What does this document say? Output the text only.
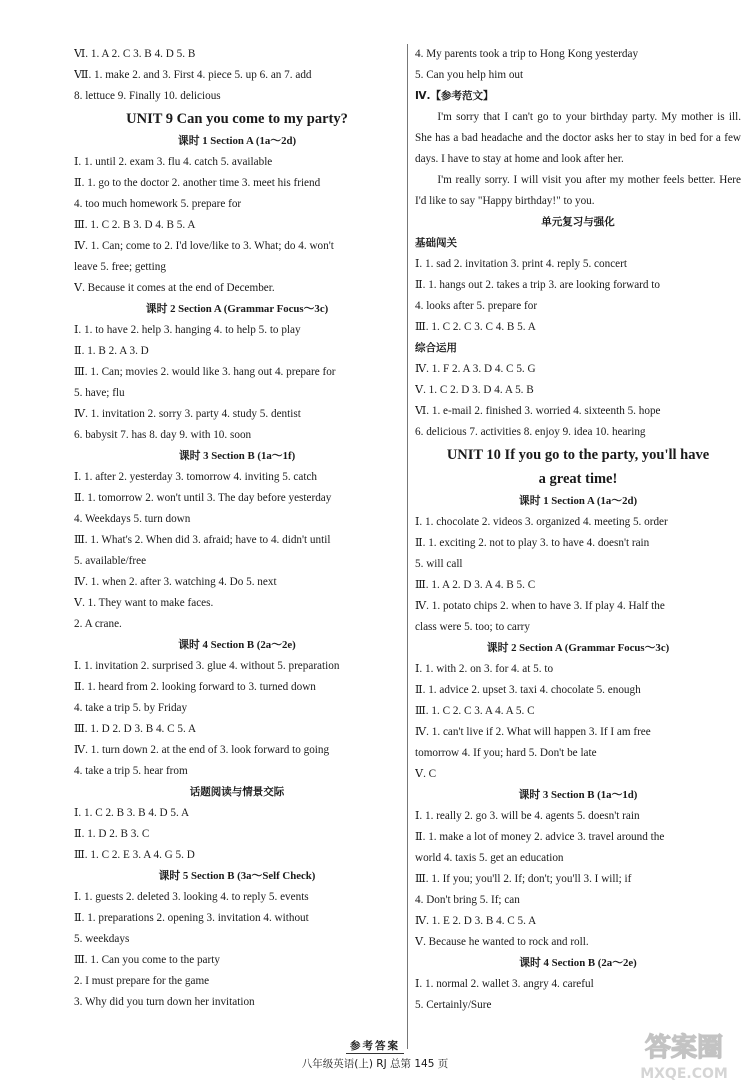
Ⅵ. 1. A 2. C 3. B 4. D 5. B
Ⅶ. 1. make 2. and 3. First 4. piece 5. up 6. an 7. add
8. lettuce 9. Finally 10. delicious
UNIT 9 Can you come to my party?
课时 1 Section A (1a～2d)
Ⅰ. 1. until 2. exam 3. flu 4. catch 5. available
Ⅱ. 1. go to the doctor 2. another time 3. meet his friend
4. too much homework 5. prepare for
Ⅲ. 1. C 2. B 3. D 4. B 5. A
Ⅳ. 1. Can; come to 2. I'd love/like to 3. What; do 4. won't
leave 5. free; getting
Ⅴ. Because it comes at the end of December.
课时 2 Section A (Grammar Focus～3c)
Ⅰ. 1. to have 2. help 3. hanging 4. to help 5. to play
Ⅱ. 1. B 2. A 3. D
Ⅲ. 1. Can; movies 2. would like 3. hang out 4. prepare for
5. have; flu
Ⅳ. 1. invitation 2. sorry 3. party 4. study 5. dentist
6. babysit 7. has 8. day 9. with 10. soon
课时 3 Section B (1a～1f)
Ⅰ. 1. after 2. yesterday 3. tomorrow 4. inviting 5. catch
Ⅱ. 1. tomorrow 2. won't until 3. The day before yesterday
4. Weekdays 5. turn down
Ⅲ. 1. What's 2. When did 3. afraid; have to 4. didn't until
5. available/free
Ⅳ. 1. when 2. after 3. watching 4. Do 5. next
Ⅴ. 1. They want to make faces.
2. A crane.
课时 4 Section B (2a～2e)
Ⅰ. 1. invitation 2. surprised 3. glue 4. without 5. preparation
Ⅱ. 1. heard from 2. looking forward to 3. turned down
4. take a trip 5. by Friday
Ⅲ. 1. D 2. D 3. B 4. C 5. A
Ⅳ. 1. turn down 2. at the end of 3. look forward to going
4. take a trip 5. hear from
话题阅读与情景交际
Ⅰ. 1. C 2. B 3. B 4. D 5. A
Ⅱ. 1. D 2. B 3. C
Ⅲ. 1. C 2. E 3. A 4. G 5. D
课时 5 Section B (3a～Self Check)
Ⅰ. 1. guests 2. deleted 3. looking 4. to reply 5. events
Ⅱ. 1. preparations 2. opening 3. invitation 4. without
5. weekdays
Ⅲ. 1. Can you come to the party
2. I must prepare for the game
3. Why did you turn down her invitation
4. My parents took a trip to Hong Kong yesterday
5. Can you help him out
Ⅳ.【参考范文】
I'm sorry that I can't go to your birthday party. My mother is ill. She has a bad headache and the doctor asks her to stay in bed for a few days. I have to stay at home and look after her.
I'm really sorry. I will visit you after my mother feels better. Here I'd like to say "Happy birthday!" to you.
单元复习与强化
基础闯关
Ⅰ. 1. sad 2. invitation 3. print 4. reply 5. concert
Ⅱ. 1. hangs out 2. takes a trip 3. are looking forward to
4. looks after 5. prepare for
Ⅲ. 1. C 2. C 3. C 4. B 5. A
综合运用
Ⅳ. 1. F 2. A 3. D 4. C 5. G
Ⅴ. 1. C 2. D 3. D 4. A 5. B
Ⅵ. 1. e-mail 2. finished 3. worried 4. sixteenth 5. hope
6. delicious 7. activities 8. enjoy 9. idea 10. hearing
UNIT 10 If you go to the party, you'll have
a great time!
课时 1 Section A (1a～2d)
Ⅰ. 1. chocolate 2. videos 3. organized 4. meeting 5. order
Ⅱ. 1. exciting 2. not to play 3. to have 4. doesn't rain
5. will call
Ⅲ. 1. A 2. D 3. A 4. B 5. C
Ⅳ. 1. potato chips 2. when to have 3. If play 4. Half the
class were 5. too; to carry
课时 2 Section A (Grammar Focus～3c)
Ⅰ. 1. with 2. on 3. for 4. at 5. to
Ⅱ. 1. advice 2. upset 3. taxi 4. chocolate 5. enough
Ⅲ. 1. C 2. C 3. A 4. A 5. C
Ⅳ. 1. can't live if 2. What will happen 3. If I am free
tomorrow 4. If you; hard 5. Don't be late
Ⅴ. C
课时 3 Section B (1a～1d)
Ⅰ. 1. really 2. go 3. will be 4. agents 5. doesn't rain
Ⅱ. 1. make a lot of money 2. advice 3. travel around the
world 4. taxis 5. get an education
Ⅲ. 1. If you; you'll 2. If; don't; you'll 3. I will; if
4. Don't bring 5. If; can
Ⅳ. 1. E 2. D 3. B 4. C 5. A
Ⅴ. Because he wanted to rock and roll.
课时 4 Section B (2a～2e)
Ⅰ. 1. normal 2. wallet 3. angry 4. careful
5. Certainly/Sure
参考答案
八年级英语(上) RJ 总第 145 页
答案圈
MXQE.COM
